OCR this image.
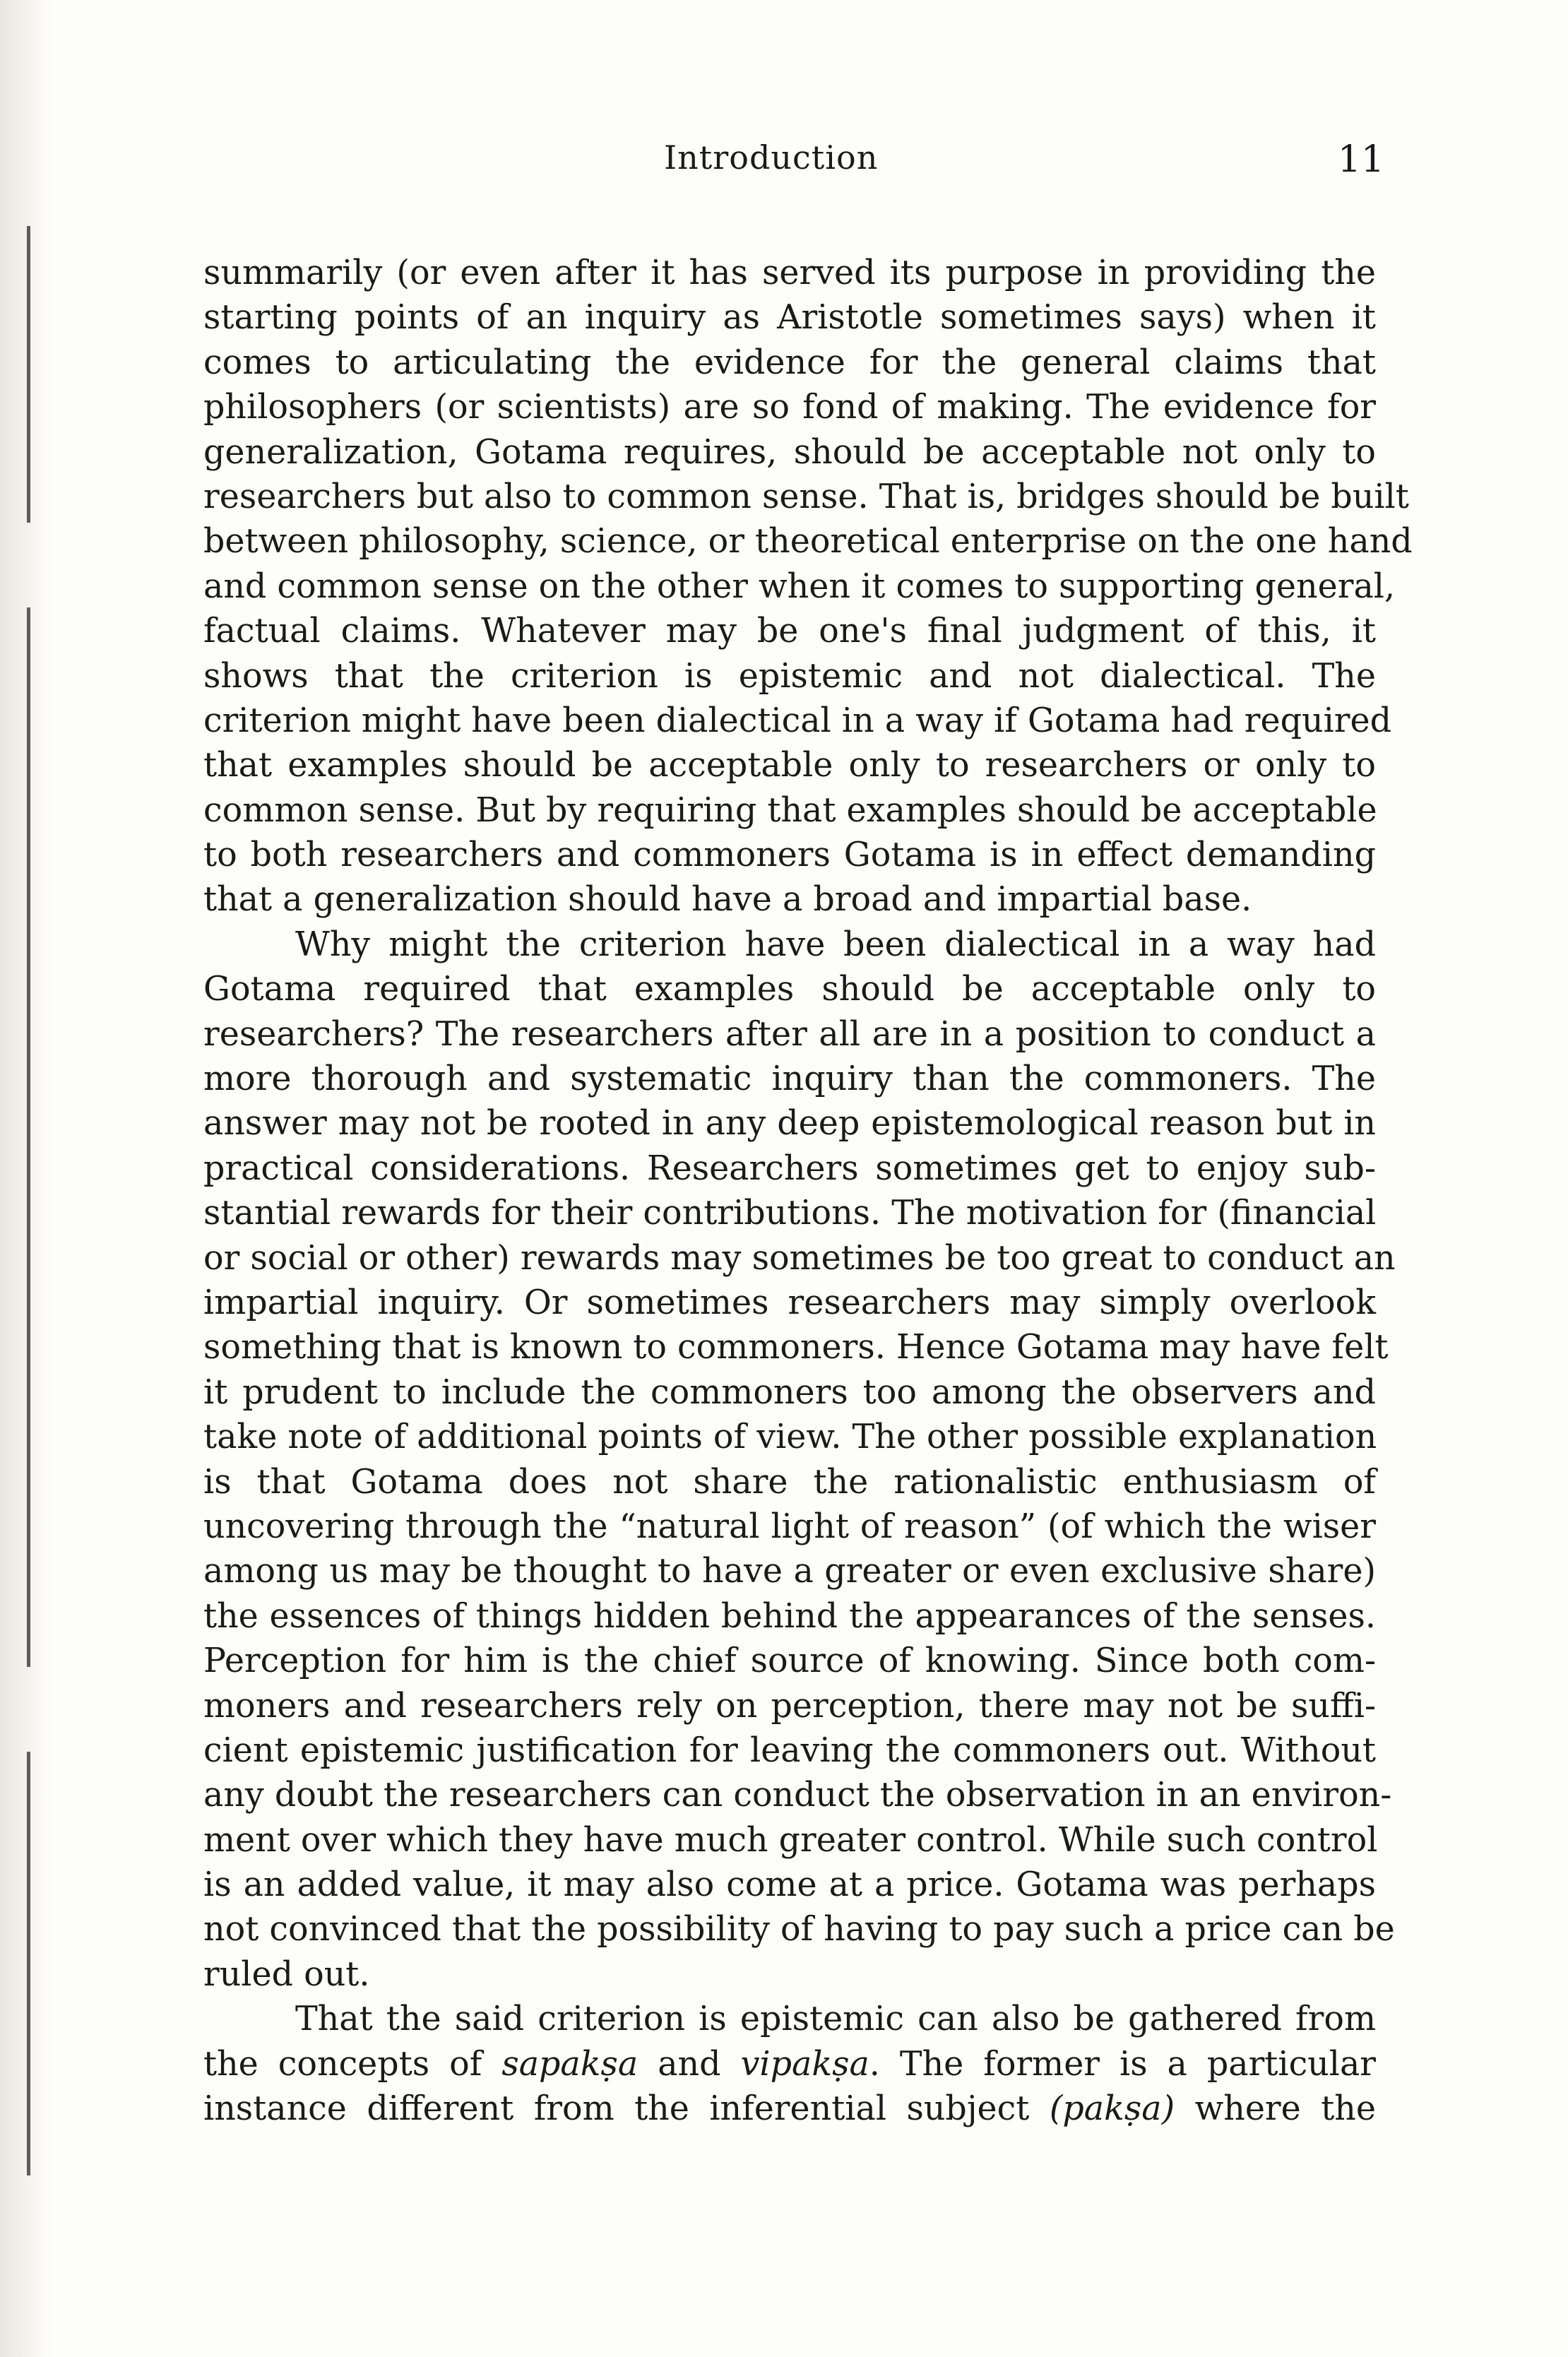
Introduction	11
summarily (or even after it has served its purpose in providing the
starting points of an inquiry as Aristotle sometimes says) when it
comes to articulating the evidence for the general claims that
philosophers (or scientists) are so fond of making. The evidence for
generalization, Gotama requires, should be acceptable not only to
researchers but also to common sense. That is, bridges should be built
between philosophy, science, or theoretical enterprise on the one hand
and common sense on the other when it comes to supporting general,
factual claims. Whatever may be one's final judgment of this, it
shows that the criterion is epistemic and not dialectical. The
criterion might have been dialectical in a way if Gotama had required
that examples should be acceptable only to researchers or only to
common sense. But by requiring that examples should be acceptable
to both researchers and commoners Gotama is in effect demanding
that a generalization should have a broad and impartial base.
Why might the criterion have been dialectical in a way had
Gotama required that examples should be acceptable only to
researchers? The researchers after all are in a position to conduct a
more thorough and systematic inquiry than the commoners. The
answer may not be rooted in any deep epistemological reason but in
practical considerations. Researchers sometimes get to enjoy sub-
stantial rewards for their contributions. The motivation for (financial
or social or other) rewards may sometimes be too great to conduct an
impartial inquiry. Or sometimes researchers may simply overlook
something that is known to commoners. Hence Gotama may have felt
it prudent to include the commoners too among the observers and
take note of additional points of view. The other possible explanation
is that Gotama does not share the rationalistic enthusiasm of
uncovering through the “natural light of reason” (of which the wiser
among us may be thought to have a greater or even exclusive share)
the essences of things hidden behind the appearances of the senses.
Perception for him is the chief source of knowing. Since both com-
moners and researchers rely on perception, there may not be suffi-
cient epistemic justification for leaving the commoners out. Without
any doubt the researchers can conduct the observation in an environ-
ment over which they have much greater control. While such control
is an added value, it may also come at a price. Gotama was perhaps
not convinced that the possibility of having to pay such a price can be
ruled out.
That the said criterion is epistemic can also be gathered from
the concepts of sapakṣa and vipakṣa. The former is a particular
instance different from the inferential subject (pakṣa) where the
